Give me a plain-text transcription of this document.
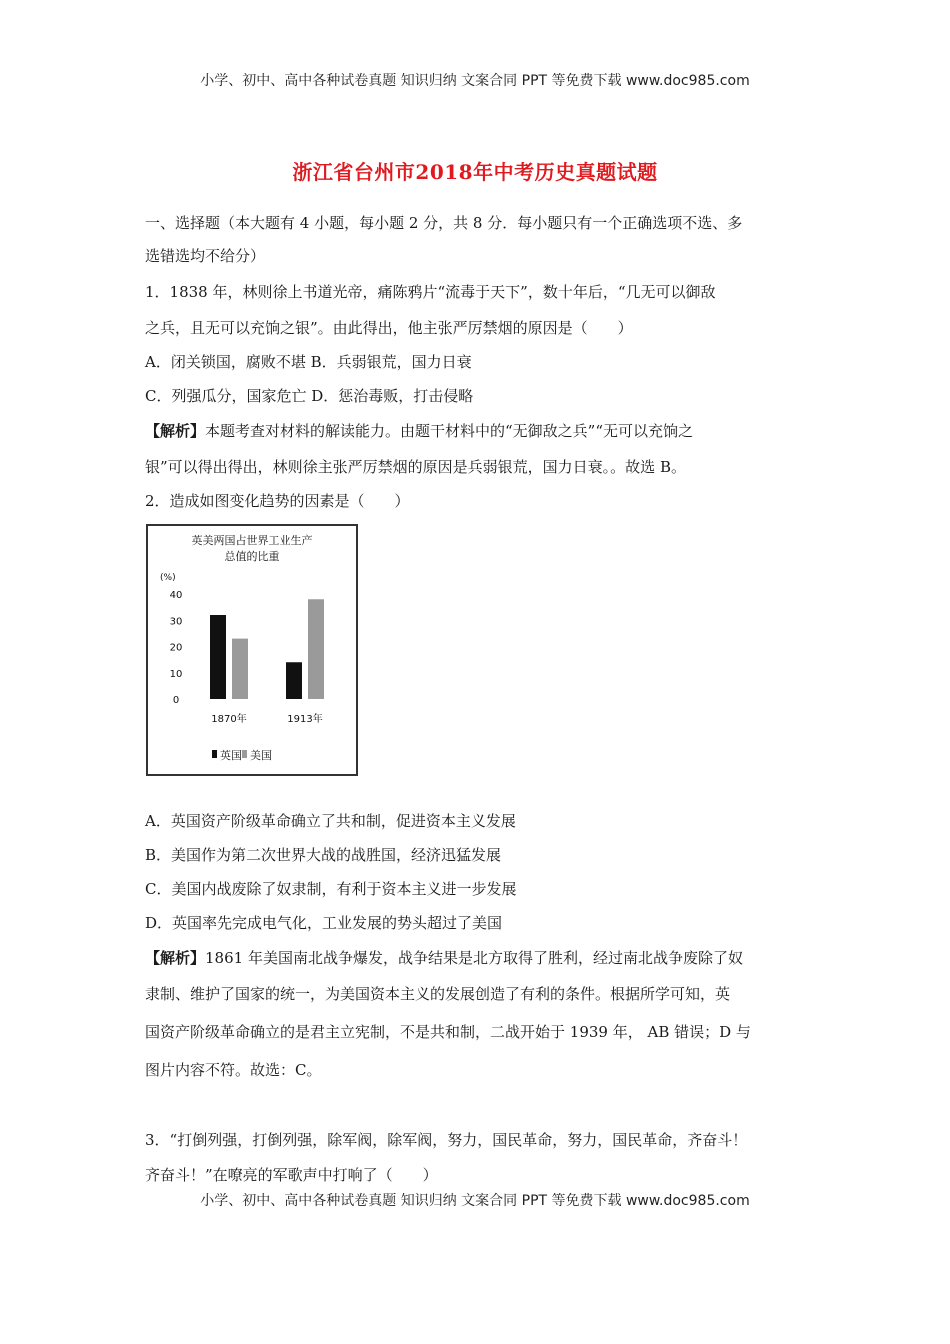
小学、初中、高中各种试卷真题 知识归纳 文案合同 PPT 等免费下载 www.doc985.com
浙江省台州市2018年中考历史真题试题
一、选择题（本大题有 4 小题，每小题 2 分，共 8 分．每小题只有一个正确选项不选、多
选错选均不给分）
1．1838 年，林则徐上书道光帝，痛陈鸦片“流毒于天下”，数十年后，“几无可以御敌
之兵，且无可以充饷之银”。由此得出，他主张严厉禁烟的原因是（　　）
A．闭关锁国，腐败不堪 B．兵弱银荒，国力日衰
C．列强瓜分，国家危亡 D．惩治毒贩，打击侵略
【解析】本题考查对材料的解读能力。由题干材料中的“无御敌之兵”“无可以充饷之
银”可以得出得出，林则徐主张严厉禁烟的原因是兵弱银荒，国力日衰。。故选 B。
2．造成如图变化趋势的因素是（　　）
英美两国占世界工业生产
总值的比重
(%)
0
10
20
30
40
1870年	1913年
英国 美国
A．英国资产阶级革命确立了共和制，促进资本主义发展
B．美国作为第二次世界大战的战胜国，经济迅猛发展
C．美国内战废除了奴隶制，有利于资本主义进一步发展
D．英国率先完成电气化，工业发展的势头超过了美国
【解析】1861 年美国南北战争爆发，战争结果是北方取得了胜利，经过南北战争废除了奴
隶制、维护了国家的统一，为美国资本主义的发展创造了有利的条件。根据所学可知，英
国资产阶级革命确立的是君主立宪制，不是共和制，二战开始于 1939 年， AB 错误；D 与
图片内容不符。故选：C。
3．“打倒列强，打倒列强，除军阀，除军阀，努力，国民革命，努力，国民革命，齐奋斗！
齐奋斗！”在嘹亮的军歌声中打响了（　　）
小学、初中、高中各种试卷真题 知识归纳 文案合同 PPT 等免费下载 www.doc985.com
